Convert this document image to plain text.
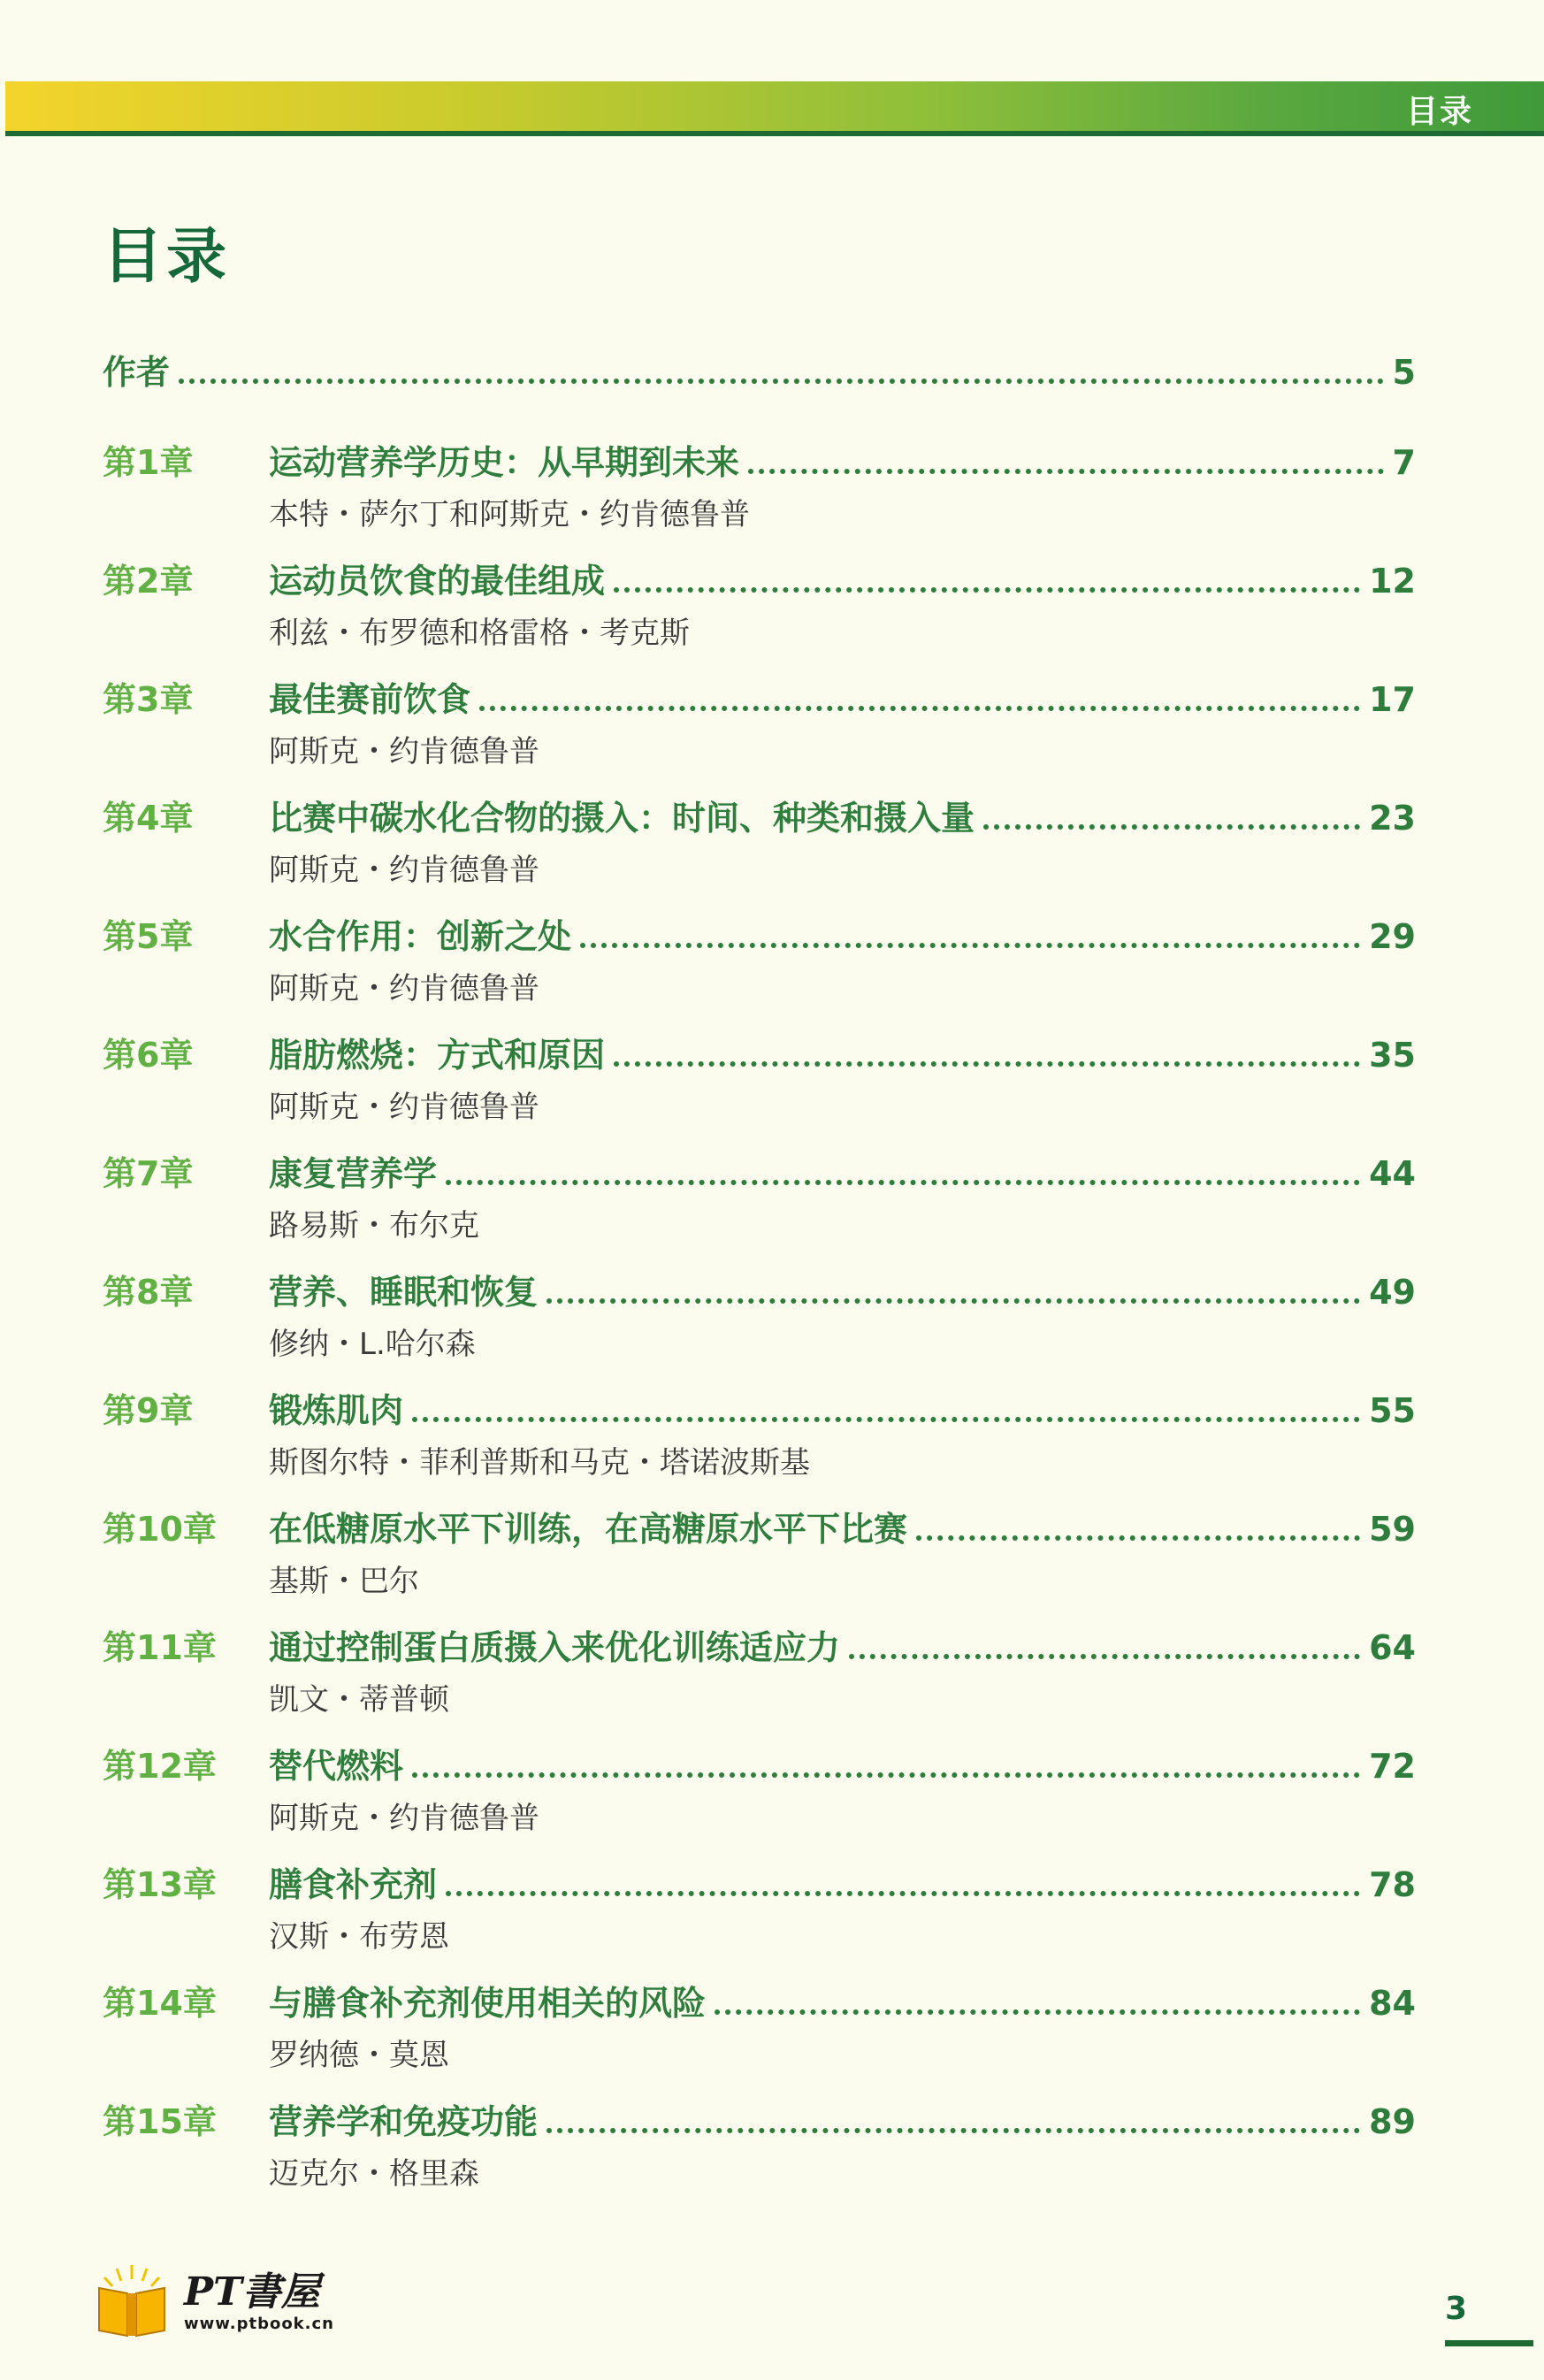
目录
目录
作者	5
第1章	运动营养学历史：从早期到未来	7
本特・萨尔丁和阿斯克・约肯德鲁普
第2章	运动员饮食的最佳组成	12
利兹・布罗德和格雷格・考克斯
第3章	最佳赛前饮食	17
阿斯克・约肯德鲁普
第4章	比赛中碳水化合物的摄入：时间、种类和摄入量	23
阿斯克・约肯德鲁普
第5章	水合作用：创新之处	29
阿斯克・约肯德鲁普
第6章	脂肪燃烧：方式和原因	35
阿斯克・约肯德鲁普
第7章	康复营养学	44
路易斯・布尔克
第8章	营养、睡眠和恢复	49
修纳・L.哈尔森
第9章	锻炼肌肉	55
斯图尔特・菲利普斯和马克・塔诺波斯基
第10章	在低糖原水平下训练，在高糖原水平下比赛	59
基斯・巴尔
第11章	通过控制蛋白质摄入来优化训练适应力	64
凯文・蒂普顿
第12章	替代燃料	72
阿斯克・约肯德鲁普
第13章	膳食补充剂	78
汉斯・布劳恩
第14章	与膳食补充剂使用相关的风险	84
罗纳德・莫恩
第15章	营养学和免疫功能	89
迈克尔・格里森
PT書屋
www.ptbook.cn	3
